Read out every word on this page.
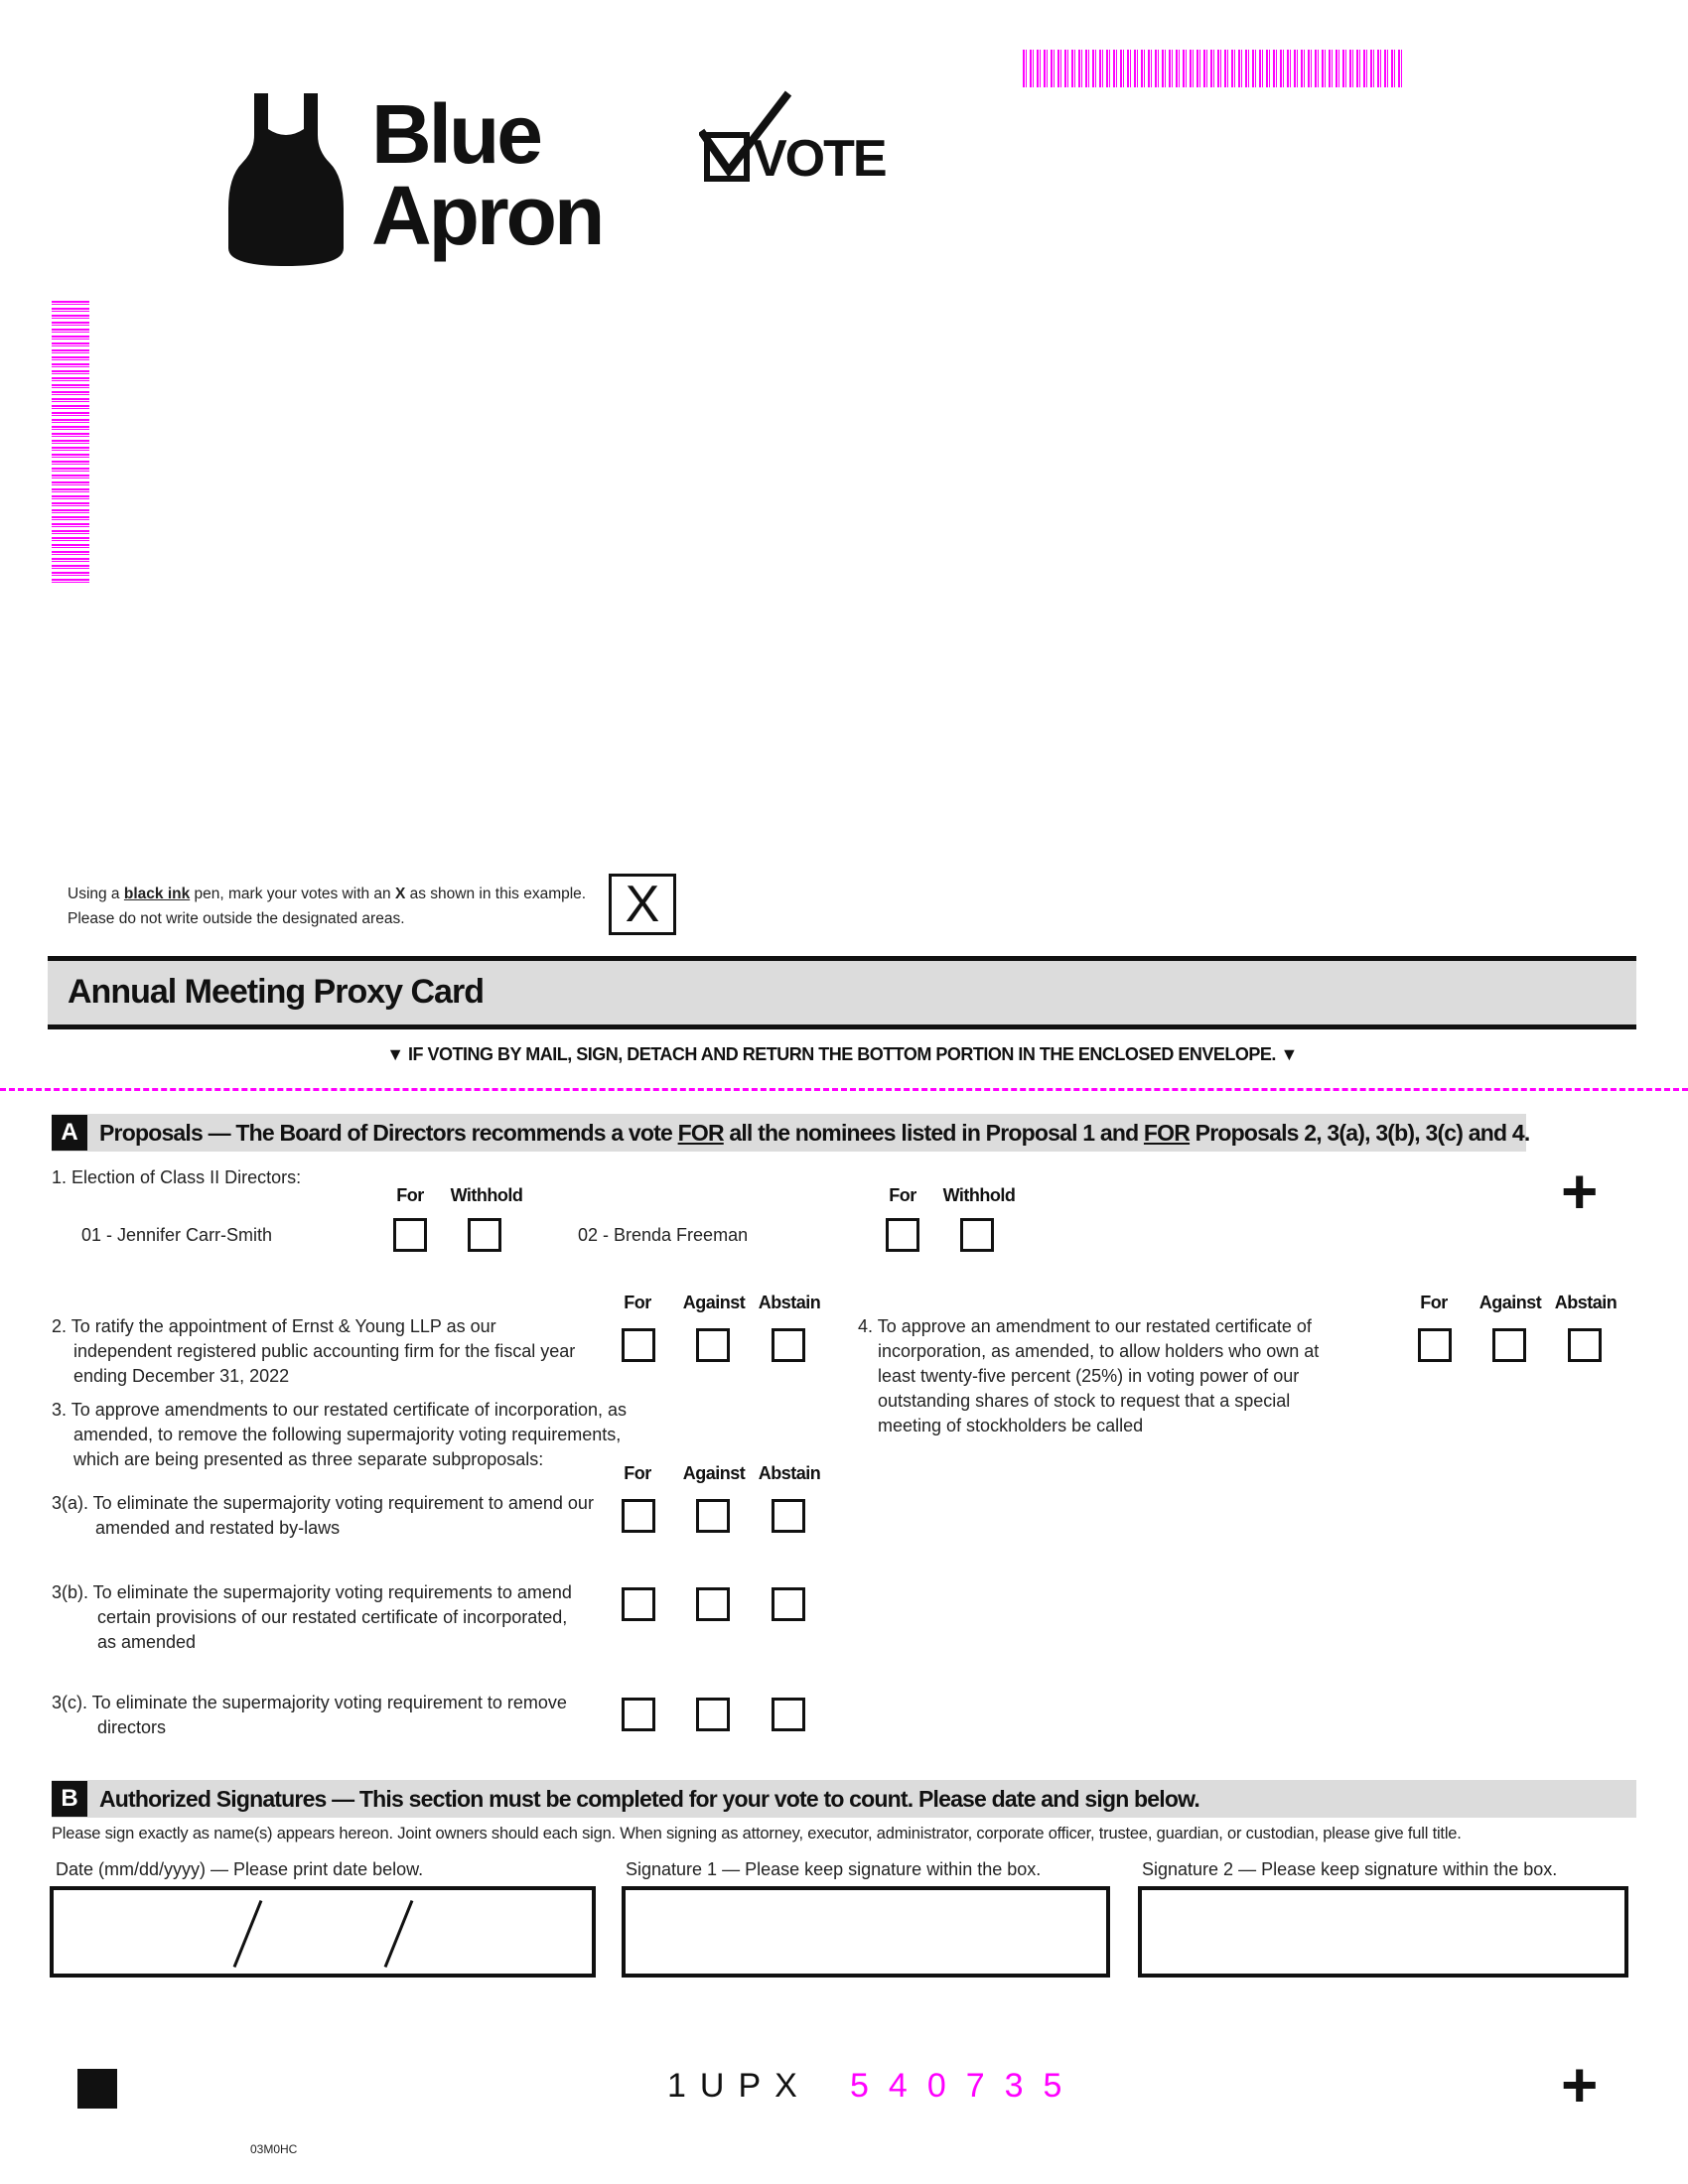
Blue
Apron
VOTE
Using a black ink pen, mark your votes with an X as shown in this example.
Please do not write outside the designated areas.	X
Annual Meeting Proxy Card
▼ IF VOTING BY MAIL, SIGN, DETACH AND RETURN THE BOTTOM PORTION IN THE ENCLOSED ENVELOPE. ▼
A Proposals — The Board of Directors recommends a vote FOR all the nominees listed in Proposal 1 and FOR Proposals 2, 3(a), 3(b), 3(c) and 4.
1. Election of Class II Directors:	+
For	Withhold
01 - Jennifer Carr-Smith
For	Withhold
02 - Brenda Freeman
For	Against Abstain
2. To ratify the appointment of Ernst & Young LLP as our
independent registered public accounting firm for the fiscal year
ending December 31, 2022
3. To approve amendments to our restated certificate of incorporation, as
amended, to remove the following supermajority voting requirements,
which are being presented as three separate subproposals:
For	Against Abstain
3(a). To eliminate the supermajority voting requirement to amend our
amended and restated by-laws
3(b). To eliminate the supermajority voting requirements to amend
certain provisions of our restated certificate of incorporated,
as amended
3(c). To eliminate the supermajority voting requirement to remove
directors
For	Against Abstain
4. To approve an amendment to our restated certificate of
incorporation, as amended, to allow holders who own at
least twenty-five percent (25%) in voting power of our
outstanding shares of stock to request that a special
meeting of stockholders be called
B Authorized Signatures — This section must be completed for your vote to count. Please date and sign below.
Please sign exactly as name(s) appears hereon. Joint owners should each sign. When signing as attorney, executor, administrator, corporate officer, trustee, guardian, or custodian, please give full title.
Date (mm/dd/yyyy) — Please print date below.	Signature 1 — Please keep signature within the box.	Signature 2 — Please keep signature within the box.
1UPX 540735	+
03M0HC
